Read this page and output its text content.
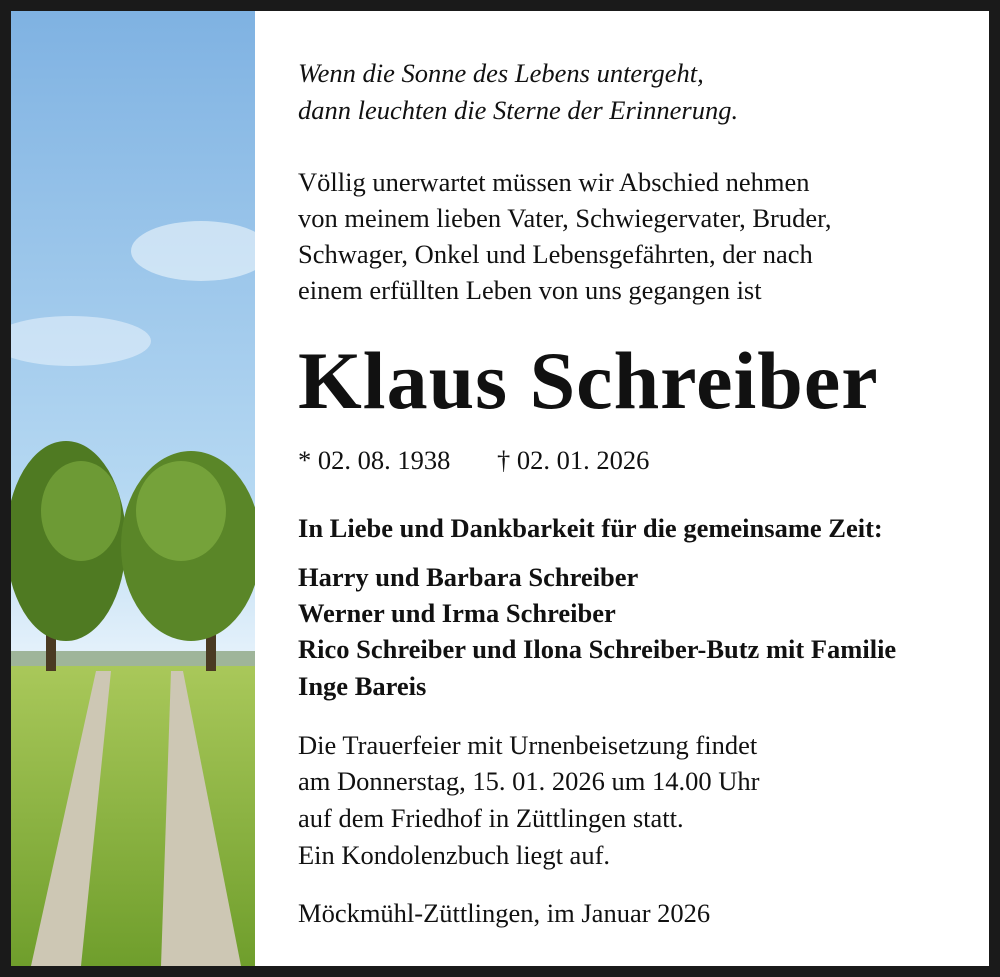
Wenn die Sonne des Lebens untergeht,
dann leuchten die Sterne der Erinnerung.
Völlig unerwartet müssen wir Abschied nehmen
von meinem lieben Vater, Schwiegervater, Bruder,
Schwager, Onkel und Lebensgefährten, der nach
einem erfüllten Leben von uns gegangen ist
Klaus Schreiber
* 02. 08. 1938 † 02. 01. 2026
In Liebe und Dankbarkeit für die gemeinsame Zeit:
Harry und Barbara Schreiber
Werner und Irma Schreiber
Rico Schreiber und Ilona Schreiber-Butz mit Familie
Inge Bareis
Die Trauerfeier mit Urnenbeisetzung findet
am Donnerstag, 15. 01. 2026 um 14.00 Uhr
auf dem Friedhof in Züttlingen statt.
Ein Kondolenzbuch liegt auf.
Möckmühl-Züttlingen, im Januar 2026
